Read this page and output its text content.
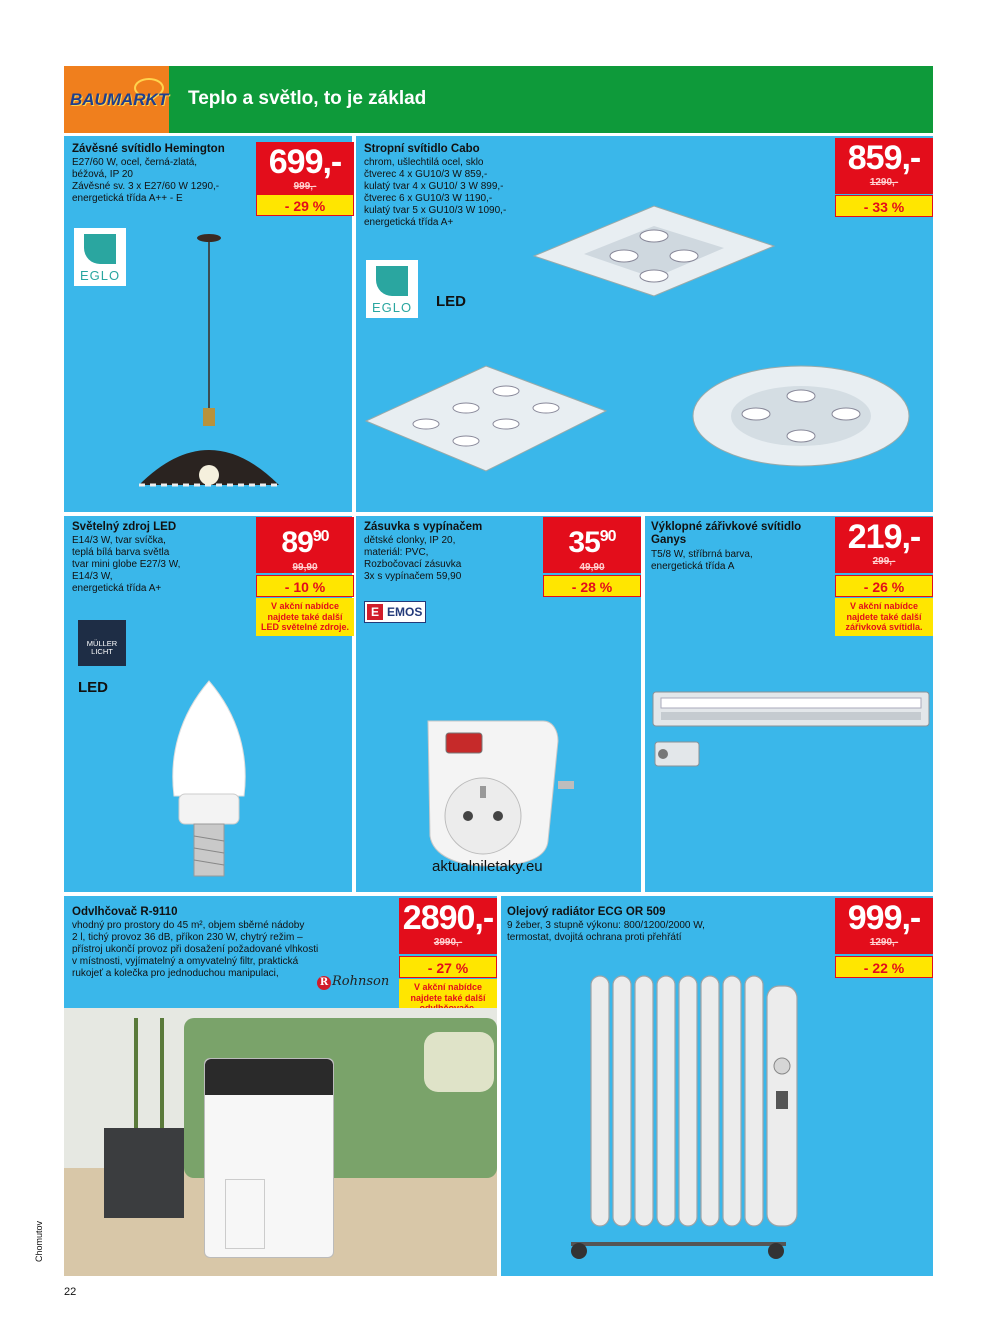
BAUMARKT Teplo a světlo, to je základ
Závěsné svítidlo Hemington
E27/60 W, ocel, černá-zlatá,
béžová, IP 20
Závěsné sv. 3 x E27/60 W 1290,-
energetická třída A++ - E
699,-
999,-
- 29 %
EGLO
Stropní svítidlo Cabo
chrom, ušlechtilá ocel, sklo
čtverec 4 x GU10/3 W 859,-
kulatý tvar 4 x GU10/ 3 W 899,-
čtverec 6 x GU10/3 W 1190,-
kulatý tvar 5 x GU10/3 W 1090,-
energetická třída A+
859,-
1290,-
- 33 %
EGLO	LED
Světelný zdroj LED
E14/3 W, tvar svíčka,
teplá bílá barva světla
tvar mini globe E27/3 W,
E14/3 W,
energetická třída A+
$89^{90}$
99,90
- 10 %
V akční nabídce najdete také další LED světelné zdroje.
MÜLLER LICHT
LED
Zásuvka s vypínačem
dětské clonky, IP 20,
materiál: PVC,
Rozbočovací zásuvka
3x s vypínačem 59,90
$35^{90}$
49,90
- 28 %
E EMOS
Výklopné zářivkové svítidlo Ganys
T5/8 W, stříbrná barva,
energetická třída A
219,-
299,-
- 26 %
V akční nabídce najdete také další zářivková svítidla.
Odvlhčovač R-9110
vhodný pro prostory do 45 m², objem sběrné nádoby
2 l, tichý provoz 36 dB, příkon 230 W, chytrý režim –
přístroj ukončí provoz při dosažení požadované vlhkosti
v místnosti, vyjímatelný a omyvatelný filtr, praktická
rukojeť a kolečka pro jednoduchou manipulaci,
2890,-
3990,-
- 27 %
V akční nabídce najdete také další
R Rohnson
Olejový radiátor ECG OR 509
9 žeber, 3 stupně výkonu: 800/1200/2000 W,
termostat, dvojitá ochrana proti přehřátí
999,-
1290,-
- 22 %
aktualniletaky.eu
Chomutov
22
